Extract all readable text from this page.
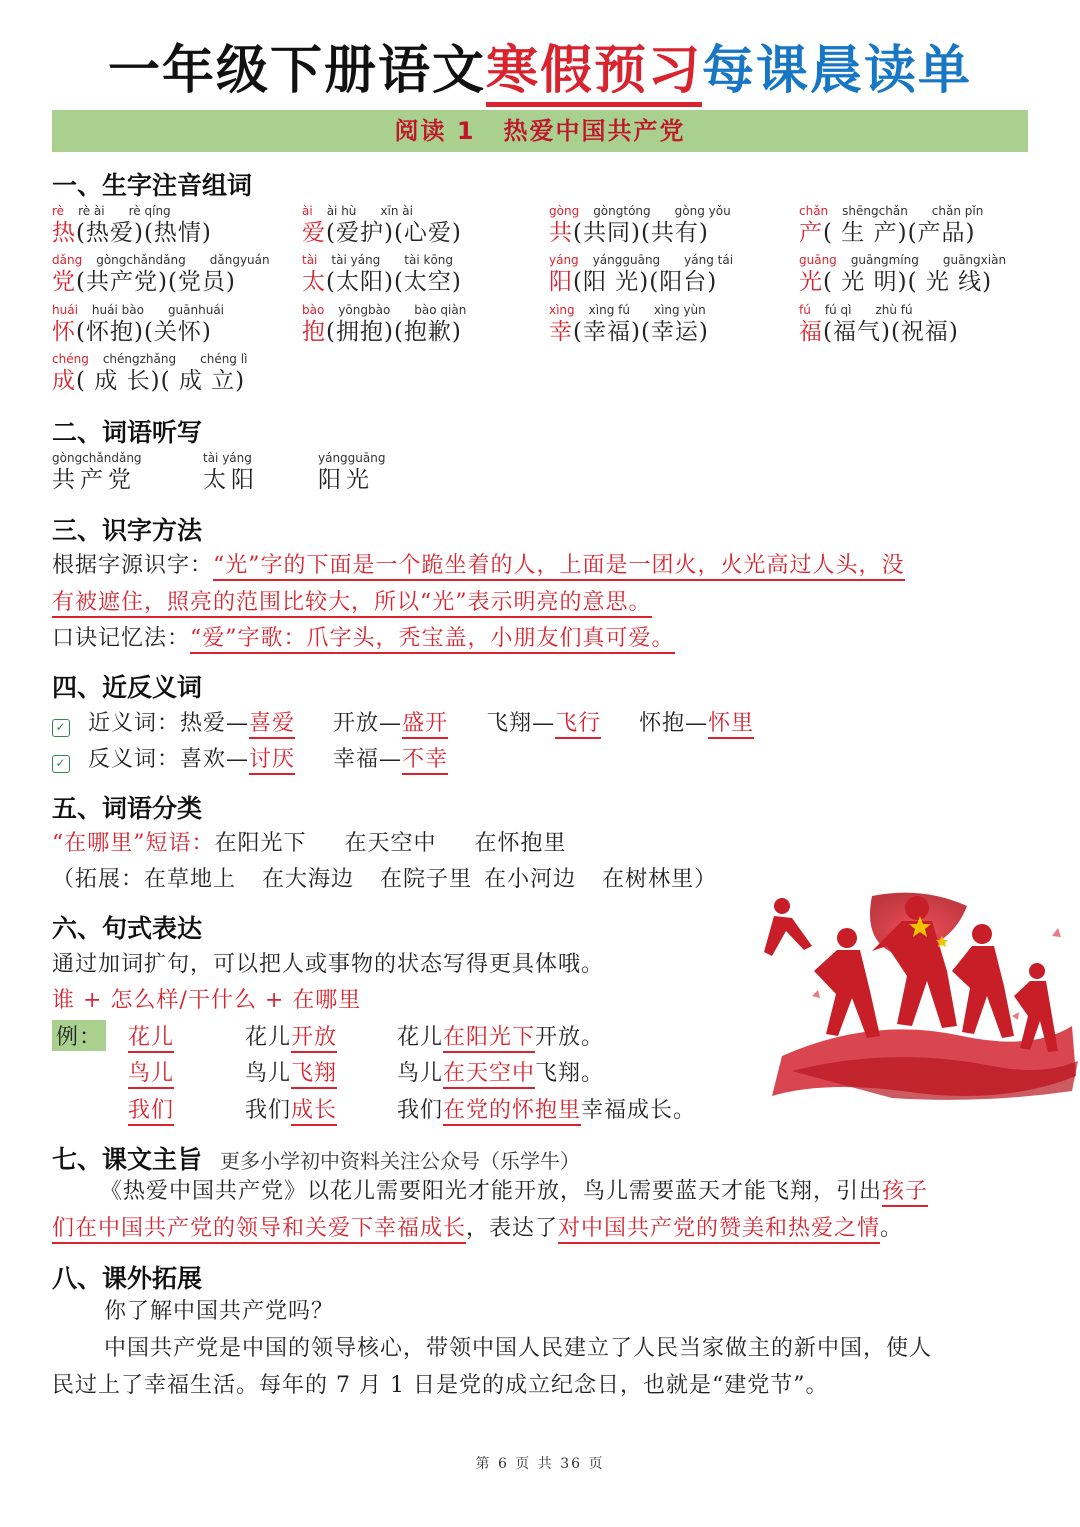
一年级下册语文寒假预习每课晨读单
阅读 1 热爱中国共产党
一、生字注音组词
rè rè ài rè qíng
热(热爱)(热情)
ài ài hù xīn ài
爱(爱护)(心爱)
gòng gòngtóng gòng yǒu
共(共同)(共有)
chǎn shēngchǎn chǎn pǐn
产( 生 产)(产品)
dǎng gòngchǎndǎng dǎngyuán
党(共产党)(党员)
tài tài yáng tài kōng
太(太阳)(太空)
yáng yángguāng yáng tái
阳(阳 光)(阳台)
guāng guāngmíng guāngxiàn
光( 光 明)( 光 线)
huái huái bào guānhuái
怀(怀抱)(关怀)
bào yōngbào bào qiàn
抱(拥抱)(抱歉)
xìng xìng fú xìng yùn
幸(幸福)(幸运)
fú fú qì zhù fú
福(福气)(祝福)
chéng chéngzhǎng chéng lì
成( 成 长)( 成 立)
二、词语听写
gòngchǎndǎng
共产党
tài yáng
太阳
yángguāng
阳光
三、识字方法
根据字源识字：“光”字的下面是一个跪坐着的人，上面是一团火，火光高过人头，没
有被遮住，照亮的范围比较大，所以“光”表示明亮的意思。
口诀记忆法：“爱”字歌：爪字头，秃宝盖，小朋友们真可爱。
四、近反义词
✓ 近义词：热爱—喜爱 开放—盛开 飞翔—飞行 怀抱—怀里
✓ 反义词：喜欢—讨厌 幸福—不幸
五、词语分类
“在哪里”短语：在阳光下 在天空中 在怀抱里
（拓展：在草地上 在大海边 在院子里 在小河边 在树林里）
六、句式表达
通过加词扩句，可以把人或事物的状态写得更具体哦。
谁 + 怎么样/干什么 + 在哪里
例：	花儿	花儿开放	花儿在阳光下开放。
鸟儿	鸟儿飞翔	鸟儿在天空中飞翔。
我们	我们成长	我们在党的怀抱里幸福成长。
七、课文主旨 更多小学初中资料关注公众号（乐学牛）
《热爱中国共产党》以花儿需要阳光才能开放，鸟儿需要蓝天才能飞翔，引出孩子
们在中国共产党的领导和关爱下幸福成长，表达了对中国共产党的赞美和热爱之情。
八、课外拓展
你了解中国共产党吗？
中国共产党是中国的领导核心，带领中国人民建立了人民当家做主的新中国，使人
民过上了幸福生活。每年的 7 月 1 日是党的成立纪念日，也就是“建党节”。
第 6 页 共 36 页
